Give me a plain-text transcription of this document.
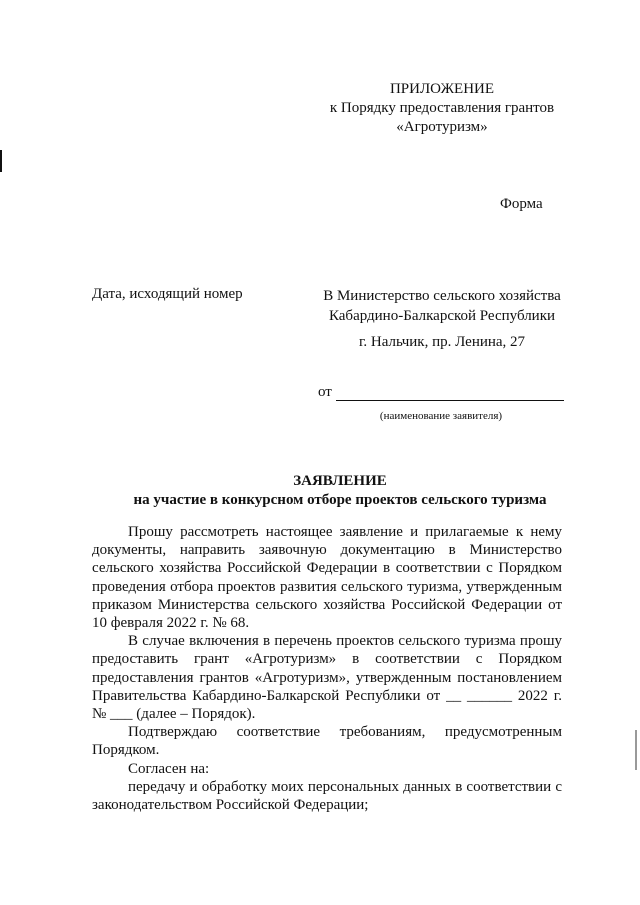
ПРИЛОЖЕНИЕ
к Порядку предоставления грантов
«Агротуризм»
Форма
Дата, исходящий номер	В Министерство сельского хозяйства
Кабардино-Балкарской Республики
г. Нальчик, пр. Ленина, 27
от
(наименование заявителя)
ЗАЯВЛЕНИЕ
на участие в конкурсном отборе проектов сельского туризма

Прошу рассмотреть настоящее заявление и прилагаемые к нему документы, направить заявочную документацию в Министерство сельского хозяйства Российской Федерации в соответствии с Порядком проведения отбора проектов развития сельского туризма, утвержденным приказом Министерства сельского хозяйства Российской Федерации от 10 февраля 2022 г. № 68.

В случае включения в перечень проектов сельского туризма прошу предоставить грант «Агротуризм» в соответствии с Порядком предоставления грантов «Агротуризм», утвержденным постановлением Правительства Кабардино-Балкарской Республики от __ ______ 2022 г. № ___ (далее – Порядок).

Подтверждаю соответствие требованиям, предусмотренным Порядком.

Согласен на:

передачу и обработку моих персональных данных в соответствии с законодательством Российской Федерации;
